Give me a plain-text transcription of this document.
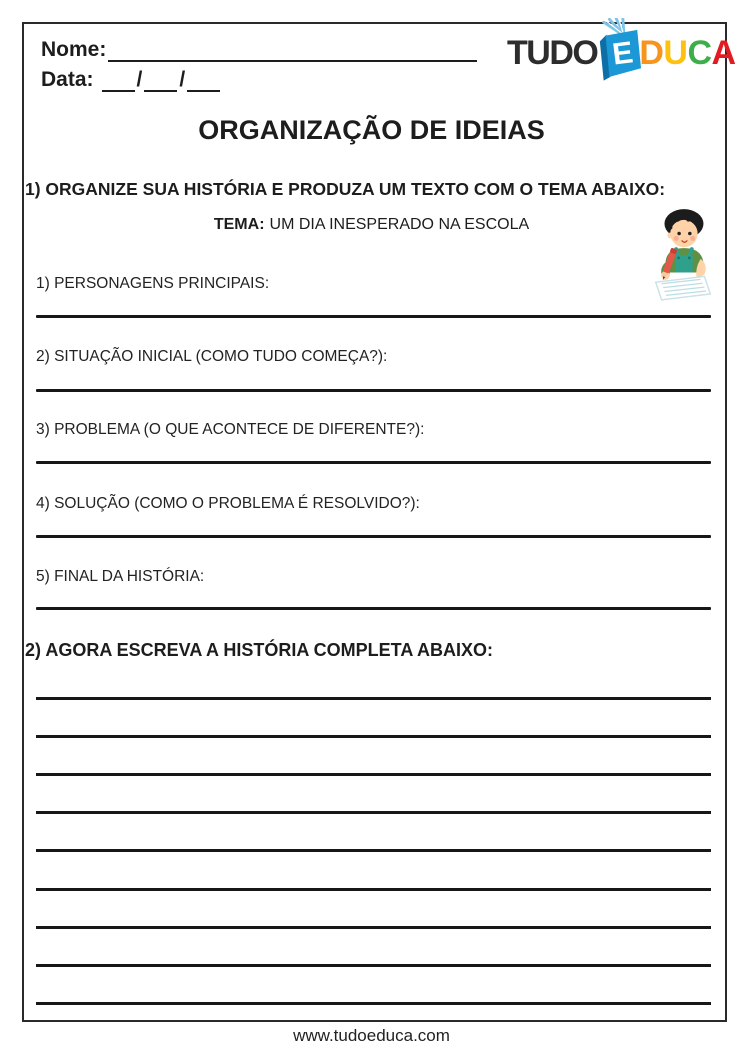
Nome:
Data: / /
TUDO E D U C A
ORGANIZAÇÃO DE IDEIAS
1) ORGANIZE SUA HISTÓRIA E PRODUZA UM TEXTO COM O TEMA ABAIXO:
TEMA: UM DIA INESPERADO NA ESCOLA
1) PERSONAGENS PRINCIPAIS:
2) SITUAÇÃO INICIAL (COMO TUDO COMEÇA?):
3) PROBLEMA (O QUE ACONTECE DE DIFERENTE?):
4) SOLUÇÃO (COMO O PROBLEMA É RESOLVIDO?):
5) FINAL DA HISTÓRIA:
2) AGORA ESCREVA A HISTÓRIA COMPLETA ABAIXO:
www.tudoeduca.com
